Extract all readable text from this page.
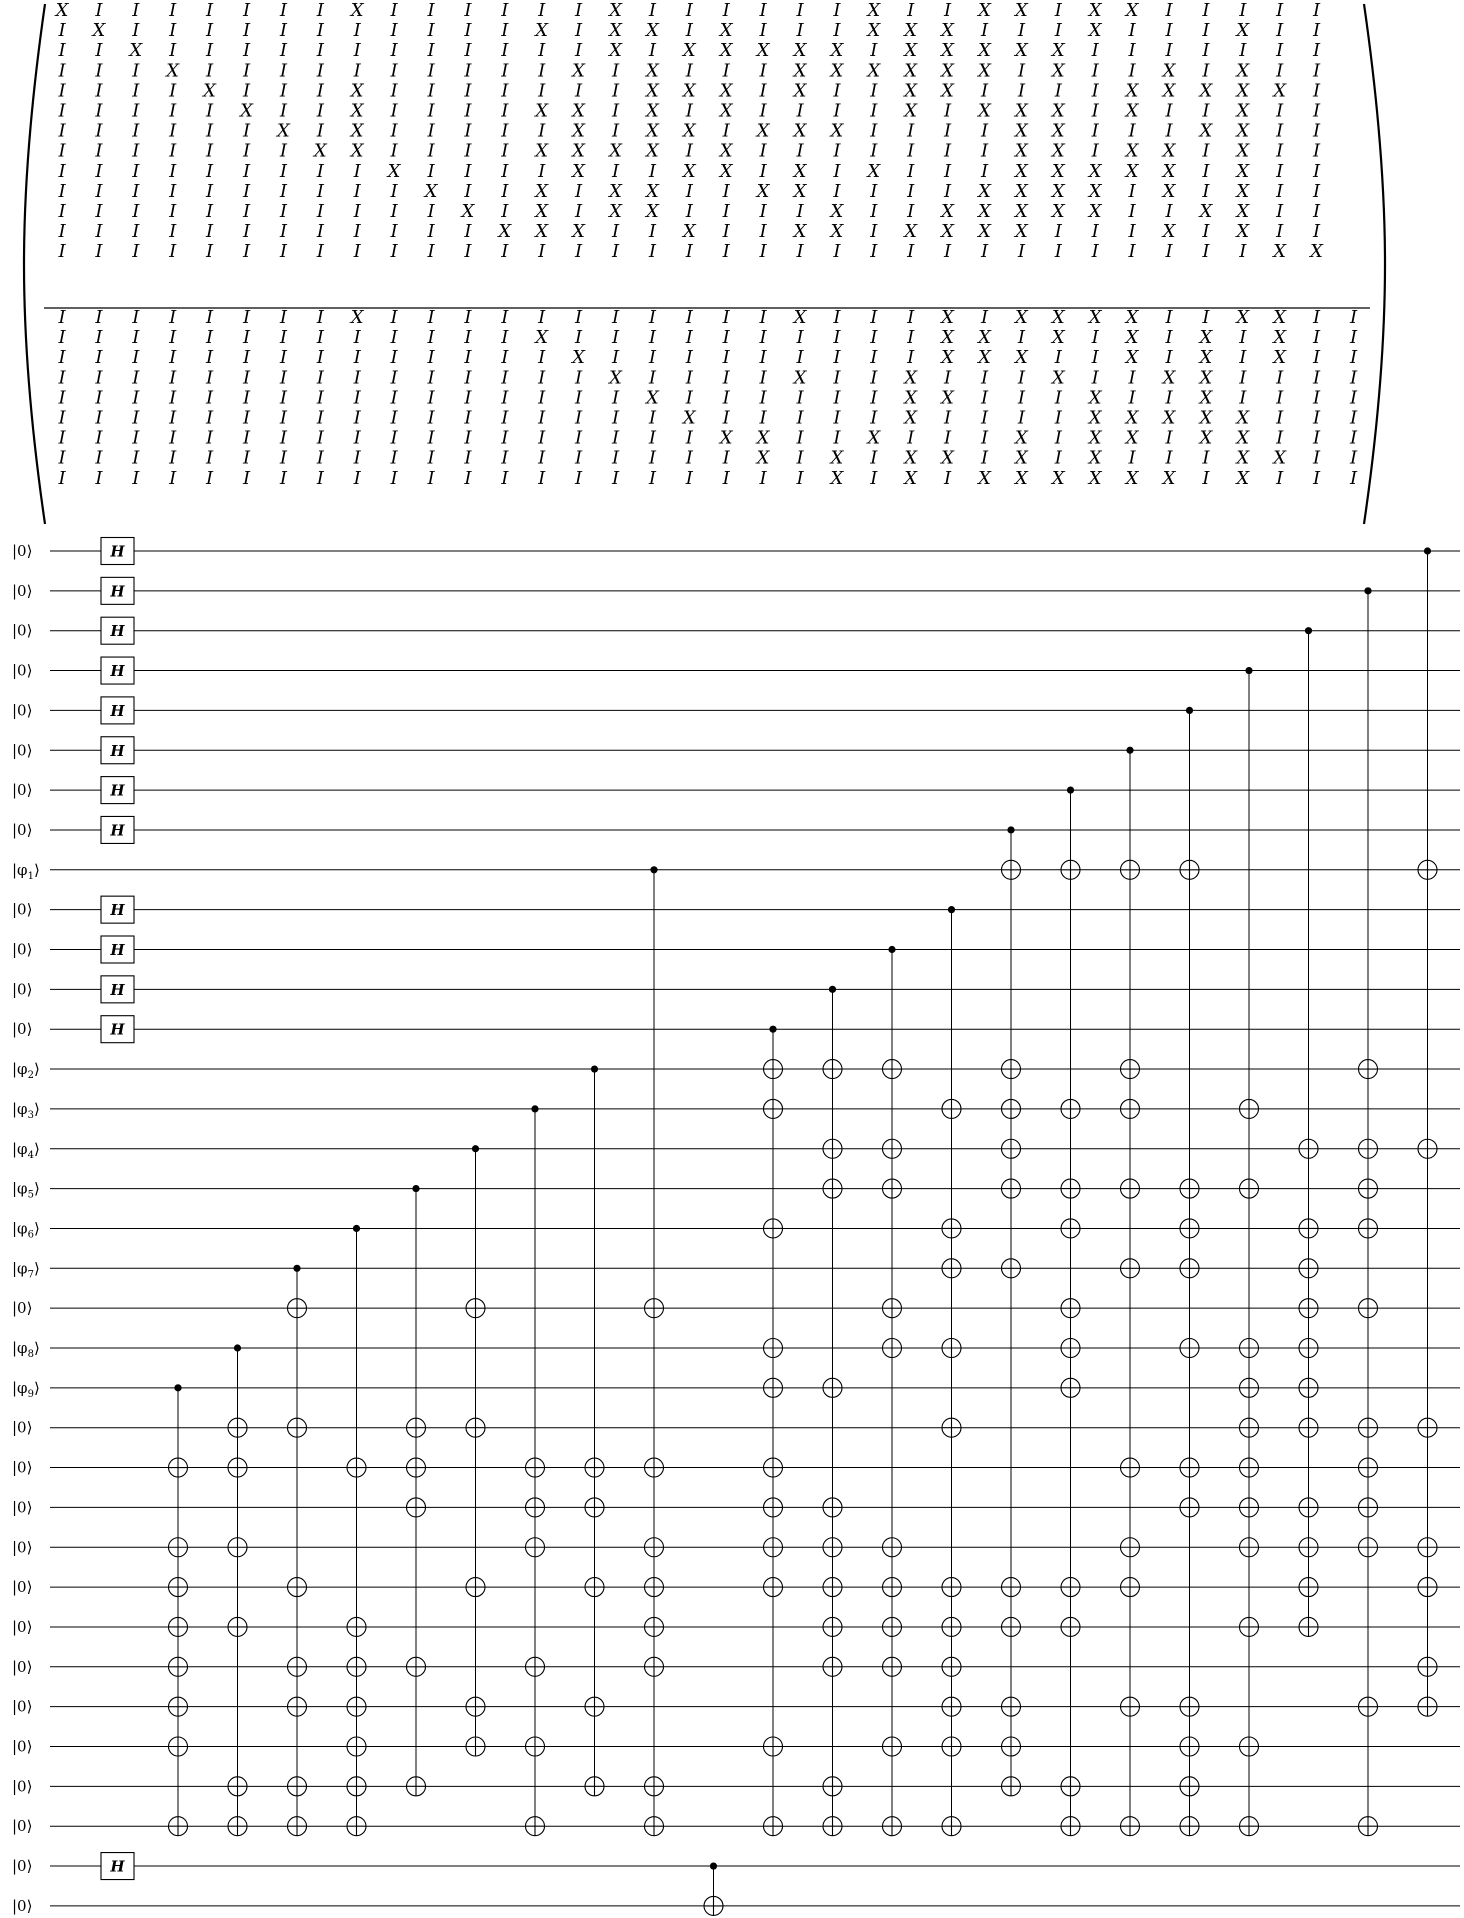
X I I I I I I I X I I I I I I X I I I I I I X I I X X I X X I I I I I
I X I I I I I I I I I I I X I X X I X I I I X X X I I I X I I I X I I
I I X I I I I I I I I I I I I X I X X X X X I X X X X X I I I I I I I
I I I X I I I I I I I I I I X I X I I I X X X X X X I X I I X I X I I
I I I I X I I I X I I I I I I I X X X I X I I X X I I I I X X X X X I
I I I I I X I I X I I I I X X I X I X I I I I X I X X X I X I I X I I
I I I I I I X I X I I I I I X I X X I X X X I I I I X X I I I X X I I
I I I I I I I X X I I I I X X X X I X I I I I I I I X X I X X I X I I
I I I I I I I I I X I I I I X I I X X I X I X I I I X X X X X I X I I
I I I I I I I I I I X I I X I X X I I X X I I I I X X X X I X I X I I
I I I I I I I I I I I X I X I X X I I I I X I I X X X X X I I X X I I
I I I I I I I I I I I I X X X I I X I I X X I X X X X I I I X I X I I
I I I I I I I I I I I I I I I I I I I I I I I I I I I I I I I I I X X
I I I I I I I I X I I I I I I I I I I I X I I I X I X X X X I I X X I I
I I I I I I I I I I I I I X I I I I I I I I I I X X I X I X I X I X I I
I I I I I I I I I I I I I I X I I I I I I I I I X X X I I X I X I X I I
I I I I I I I I I I I I I I I X I I I I X I I X I I I X I I X X I I I I
I I I I I I I I I I I I I I I I X I I I I I I X X I I I X I I X I I I I
I I I I I I I I I I I I I I I I I X I I I I I X I I I I X X X X X I I I
I I I I I I I I I I I I I I I I I I X X I I X I I I X I X X I X X I I I
I I I I I I I I I I I I I I I I I I I X I X I X X I X I X I I I X X I I
I I I I I I I I I I I I I I I I I I I I I X I X I X X X X X X I X I I I
|0⟩
|0⟩
|0⟩
|0⟩
|0⟩
|0⟩
|0⟩
|0⟩
$|\varphi_1⟩$
|0⟩
|0⟩
|0⟩
|0⟩
$|\varphi_2⟩$
$|\varphi_3⟩$
$|\varphi_4⟩$
$|\varphi_5⟩$
$|\varphi_6⟩$
$|\varphi_7⟩$
|0⟩
$|\varphi_8⟩$
$|\varphi_9⟩$
|0⟩
|0⟩
|0⟩
|0⟩
|0⟩
|0⟩
|0⟩
|0⟩
|0⟩
|0⟩
|0⟩
|0⟩
|0⟩
H
H
H
H
H
H
H
H
H
H
H
H
H
